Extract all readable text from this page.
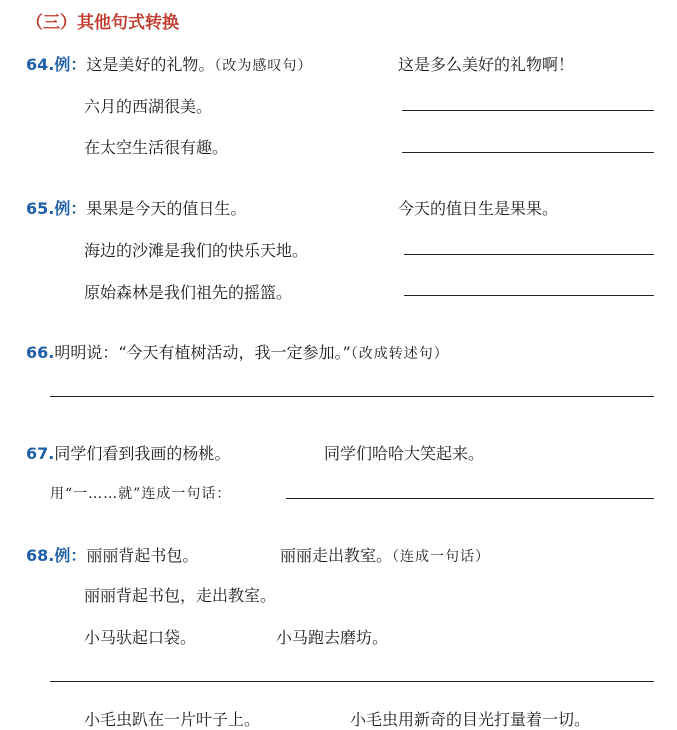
（三）其他句式转换
64.例：这是美好的礼物。（改为感叹句）	这是多么美好的礼物啊！
六月的西湖很美。
在太空生活很有趣。
65.例：果果是今天的值日生。	今天的值日生是果果。
海边的沙滩是我们的快乐天地。
原始森林是我们祖先的摇篮。
66.明明说：“今天有植树活动，我一定参加。”（改成转述句）
67.同学们看到我画的杨桃。	同学们哈哈大笑起来。
用“一……就”连成一句话：
68.例：丽丽背起书包。	丽丽走出教室。（连成一句话）
丽丽背起书包，走出教室。
小马驮起口袋。	小马跑去磨坊。
小毛虫趴在一片叶子上。	小毛虫用新奇的目光打量着一切。
